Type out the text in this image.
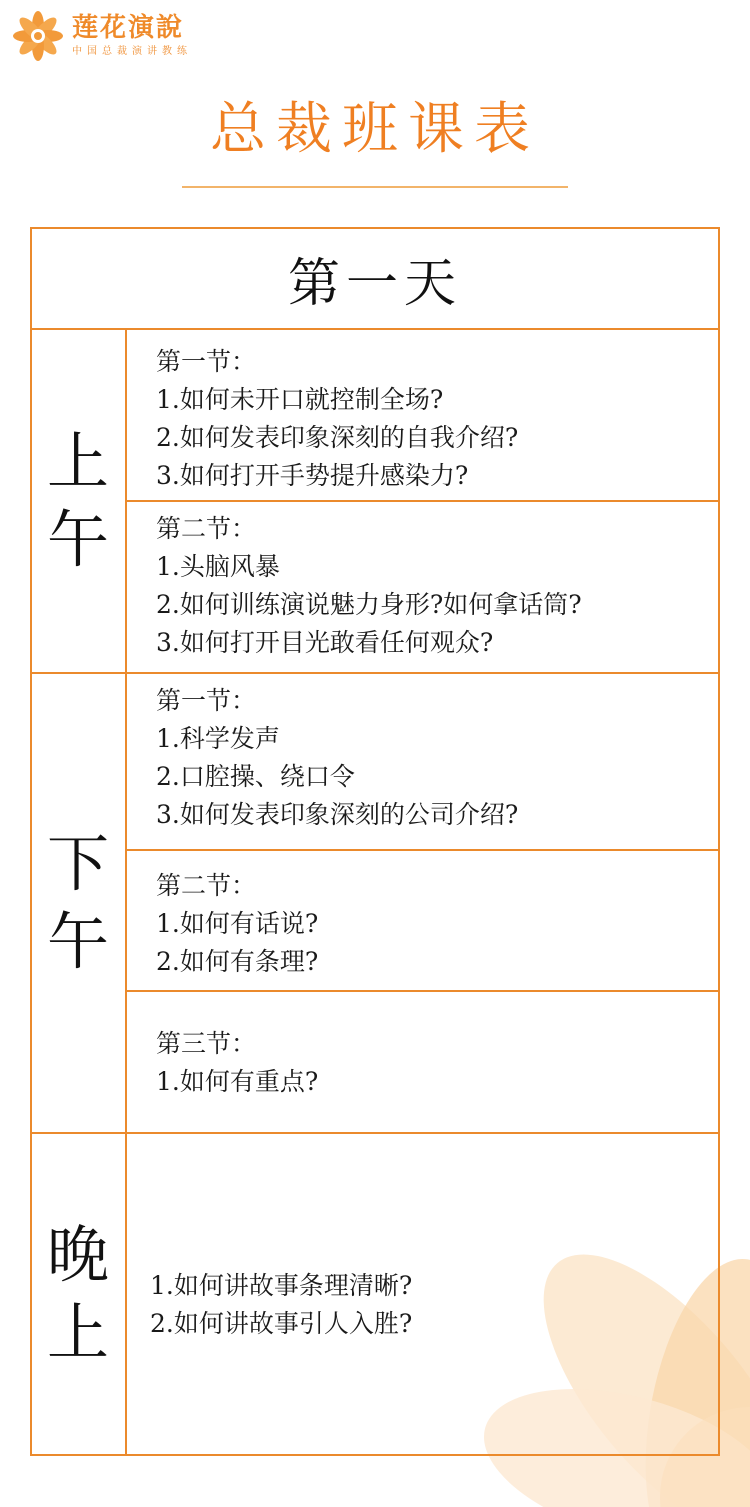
莲花演說
中国总裁演讲教练
总裁班课表
第一天
上
午
第一节：
1.如何未开口就控制全场?
2.如何发表印象深刻的自我介绍?
3.如何打开手势提升感染力?
第二节：
1.头脑风暴
2.如何训练演说魅力身形?如何拿话筒?
3.如何打开目光敢看任何观众?
下
午
第一节：
1.科学发声
2.口腔操、绕口令
3.如何发表印象深刻的公司介绍?
第二节：
1.如何有话说?
2.如何有条理?
第三节：
1.如何有重点?
晚
上
1.如何讲故事条理清晰?
2.如何讲故事引人入胜?
